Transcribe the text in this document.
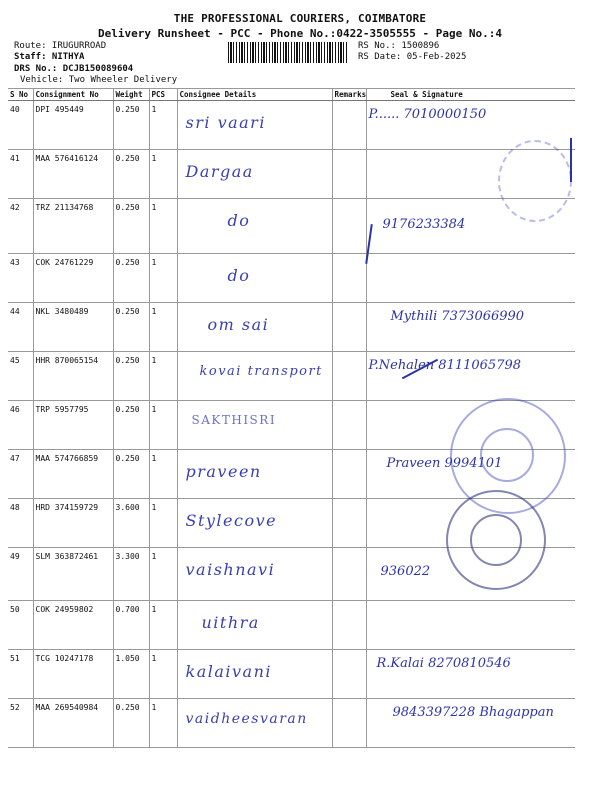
THE PROFESSIONAL COURIERS, COIMBATORE
Delivery Runsheet - PCC - Phone No.:0422-3505555 - Page No.:4
Route: IRUGURROAD
Staff: NITHYA
DRS No.: DCJB150089604
Vehicle: Two Wheeler Delivery
RS No.: 1500896
RS Date: 05-Feb-2025
S No	Consignment No	Weight	PCS	Consignee Details	Remarks	Seal & Signature
40	DPI 495449	0.250	1	sri vaari		P...... 7010000150
41	MAA 576416124	0.250	1	Dargaa		
42	TRZ 21134768	0.250	1	do		9176233384
43	COK 24761229	0.250	1	do		
44	NKL 3480489	0.250	1	om sai		Mythili 7373066990
45	HHR 870065154	0.250	1	kovai transport		P.Nehalen 8111065798
46	TRP 5957795	0.250	1	SAKTHISRI		
47	MAA 574766859	0.250	1	praveen		Praveen 9994101
48	HRD 374159729	3.600	1	Stylecove		
49	SLM 363872461	3.300	1	vaishnavi		936022
50	COK 24959802	0.700	1	uithra		
51	TCG 10247178	1.050	1	kalaivani		R.Kalai 8270810546
52	MAA 269540984	0.250	1	vaidheesvaran		9843397228 Bhagappan
